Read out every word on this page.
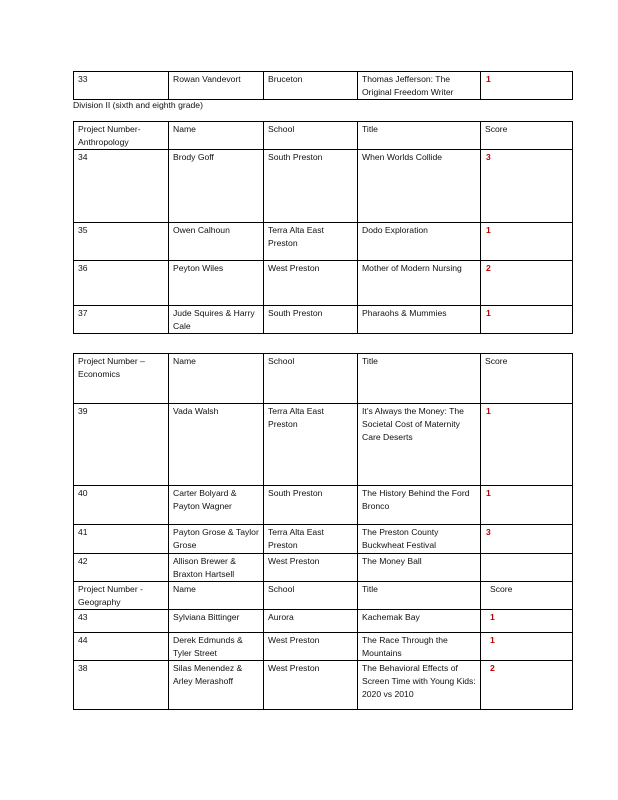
33	Rowan Vandevort	Bruceton	Thomas Jefferson: The Original Freedom Writer	1
Division II (sixth and eighth grade)
Project Number-Anthropology	Name	School	Title	Score
34	Brody Goff	South Preston	When Worlds Collide	3
35	Owen Calhoun	Terra Alta East Preston	Dodo Exploration	1
36	Peyton Wiles	West Preston	Mother of Modern Nursing	2
37	Jude Squires & Harry Cale	South Preston	Pharaohs & Mummies	1
Project Number – Economics	Name	School	Title	Score
39	Vada Walsh	Terra Alta East Preston	It’s Always the Money: The Societal Cost of Maternity Care Deserts	1
40	Carter Bolyard & Payton Wagner	South Preston	The History Behind the Ford Bronco	1
41	Payton Grose & Taylor Grose	Terra Alta East Preston	The Preston County Buckwheat Festival	3
42	Allison Brewer & Braxton Hartsell	West Preston	The Money Ball	
Project Number - Geography	Name	School	Title	Score
43	Sylviana Bittinger	Aurora	Kachemak Bay	1
44	Derek Edmunds & Tyler Street	West Preston	The Race Through the Mountains	1
38	Silas Menendez & Arley Merashoff	West Preston	The Behavioral Effects of Screen Time with Young Kids: 2020 vs 2010	2
